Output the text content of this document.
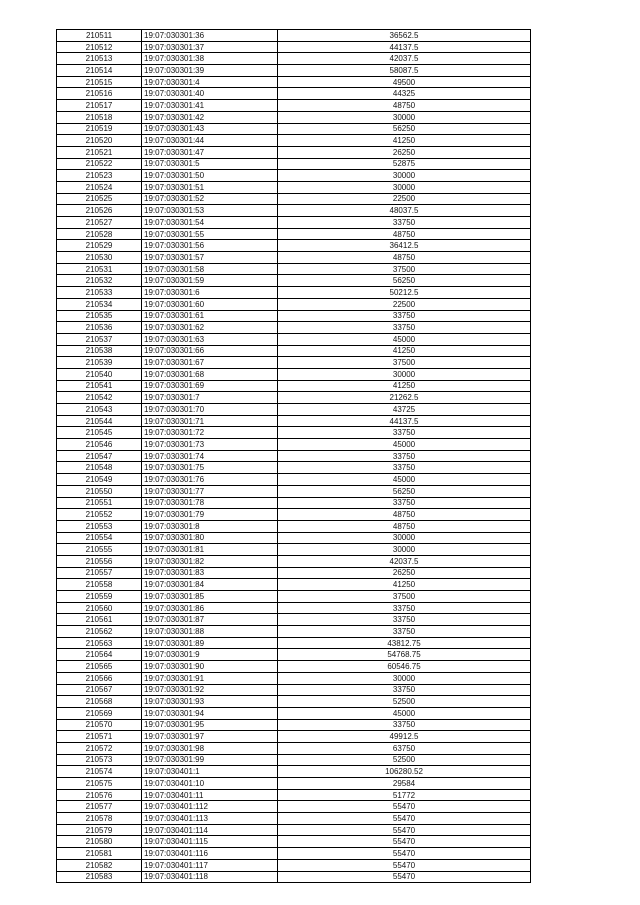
210511	19:07:030301:36	36562.5
210512	19:07:030301:37	44137.5
210513	19:07:030301:38	42037.5
210514	19:07:030301:39	58087.5
210515	19:07:030301:4	49500
210516	19:07:030301:40	44325
210517	19:07:030301:41	48750
210518	19:07:030301:42	30000
210519	19:07:030301:43	56250
210520	19:07:030301:44	41250
210521	19:07:030301:47	26250
210522	19:07:030301:5	52875
210523	19:07:030301:50	30000
210524	19:07:030301:51	30000
210525	19:07:030301:52	22500
210526	19:07:030301:53	48037.5
210527	19:07:030301:54	33750
210528	19:07:030301:55	48750
210529	19:07:030301:56	36412.5
210530	19:07:030301:57	48750
210531	19:07:030301:58	37500
210532	19:07:030301:59	56250
210533	19:07:030301:6	50212.5
210534	19:07:030301:60	22500
210535	19:07:030301:61	33750
210536	19:07:030301:62	33750
210537	19:07:030301:63	45000
210538	19:07:030301:66	41250
210539	19:07:030301:67	37500
210540	19:07:030301:68	30000
210541	19:07:030301:69	41250
210542	19:07:030301:7	21262.5
210543	19:07:030301:70	43725
210544	19:07:030301:71	44137.5
210545	19:07:030301:72	33750
210546	19:07:030301:73	45000
210547	19:07:030301:74	33750
210548	19:07:030301:75	33750
210549	19:07:030301:76	45000
210550	19:07:030301:77	56250
210551	19:07:030301:78	33750
210552	19:07:030301:79	48750
210553	19:07:030301:8	48750
210554	19:07:030301:80	30000
210555	19:07:030301:81	30000
210556	19:07:030301:82	42037.5
210557	19:07:030301:83	26250
210558	19:07:030301:84	41250
210559	19:07:030301:85	37500
210560	19:07:030301:86	33750
210561	19:07:030301:87	33750
210562	19:07:030301:88	33750
210563	19:07:030301:89	43812.75
210564	19:07:030301:9	54768.75
210565	19:07:030301:90	60546.75
210566	19:07:030301:91	30000
210567	19:07:030301:92	33750
210568	19:07:030301:93	52500
210569	19:07:030301:94	45000
210570	19:07:030301:95	33750
210571	19:07:030301:97	49912.5
210572	19:07:030301:98	63750
210573	19:07:030301:99	52500
210574	19:07:030401:1	106280.52
210575	19:07:030401:10	29584
210576	19:07:030401:11	51772
210577	19:07:030401:112	55470
210578	19:07:030401:113	55470
210579	19:07:030401:114	55470
210580	19:07:030401:115	55470
210581	19:07:030401:116	55470
210582	19:07:030401:117	55470
210583	19:07:030401:118	55470
